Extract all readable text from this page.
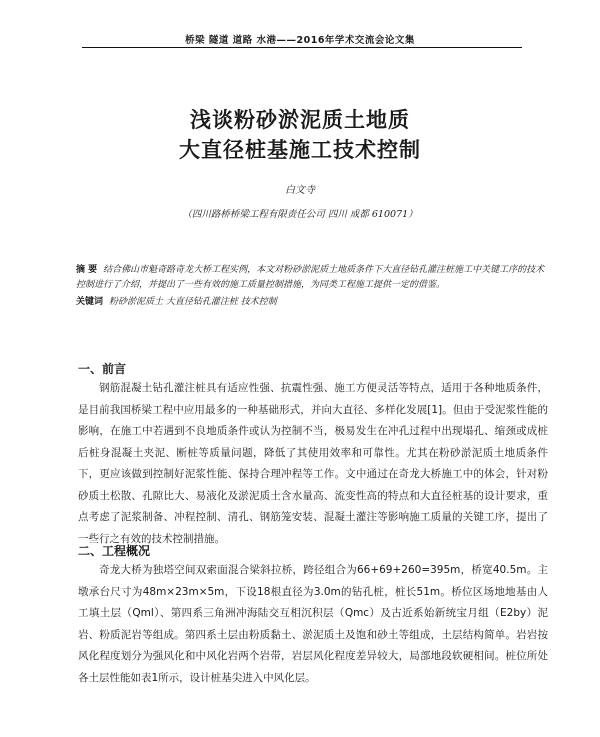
桥梁 隧道 道路 水港——2016年学术交流会论文集
浅谈粉砂淤泥质土地质
大直径桩基施工技术控制
白文寺
（四川路桥桥梁工程有限责任公司 四川 成都 610071）
摘 要 结合佛山市魁奇路奇龙大桥工程实例，本文对粉砂淤泥质土地质条件下大直径钻孔灌注桩施工中关键工序的技术控制进行了介绍，并提出了一些有效的施工质量控制措施，为同类工程施工提供一定的借鉴。
关键词 粉砂淤泥质土 大直径钻孔灌注桩 技术控制
一、前言
钢筋混凝土钻孔灌注桩具有适应性强、抗震性强、施工方便灵活等特点，适用于各种地质条件，是目前我国桥梁工程中应用最多的一种基础形式，并向大直径、多样化发展[1]。但由于受泥浆性能的影响，在施工中若遇到不良地质条件或认为控制不当，极易发生在冲孔过程中出现塌孔、缩颈或成桩后桩身混凝土夹泥、断桩等质量问题，降低了其使用效率和可靠性。尤其在粉砂淤泥质土地质条件下，更应该做到控制好泥浆性能、保持合理冲程等工作。文中通过在奇龙大桥施工中的体会，针对粉砂质土松散、孔隙比大、易液化及淤泥质土含水量高、流变性高的特点和大直径桩基的设计要求，重点考虑了泥浆制备、冲程控制、清孔、钢筋笼安装、混凝土灌注等影响施工质量的关键工序，提出了一些行之有效的技术控制措施。
二、工程概况
奇龙大桥为独塔空间双索面混合梁斜拉桥，跨径组合为66+69+260=395m，桥宽40.5m。主墩承台尺寸为48m×23m×5m，下设18根直径为3.0m的钻孔桩，桩长51m。桥位区场地地基由人工填土层（Qml）、第四系三角洲冲海陆交互相沉积层（Qmc）及古近系始新统宝月组（E2by）泥岩、粉质泥岩等组成。第四系土层由粉质黏土、淤泥质土及饱和砂土等组成，土层结构简单。岩岩按风化程度划分为强风化和中风化岩两个岩带，岩层风化程度差异较大，局部地段软硬相间。桩位所处各土层性能如表1所示，设计桩基尖进入中风化层。
